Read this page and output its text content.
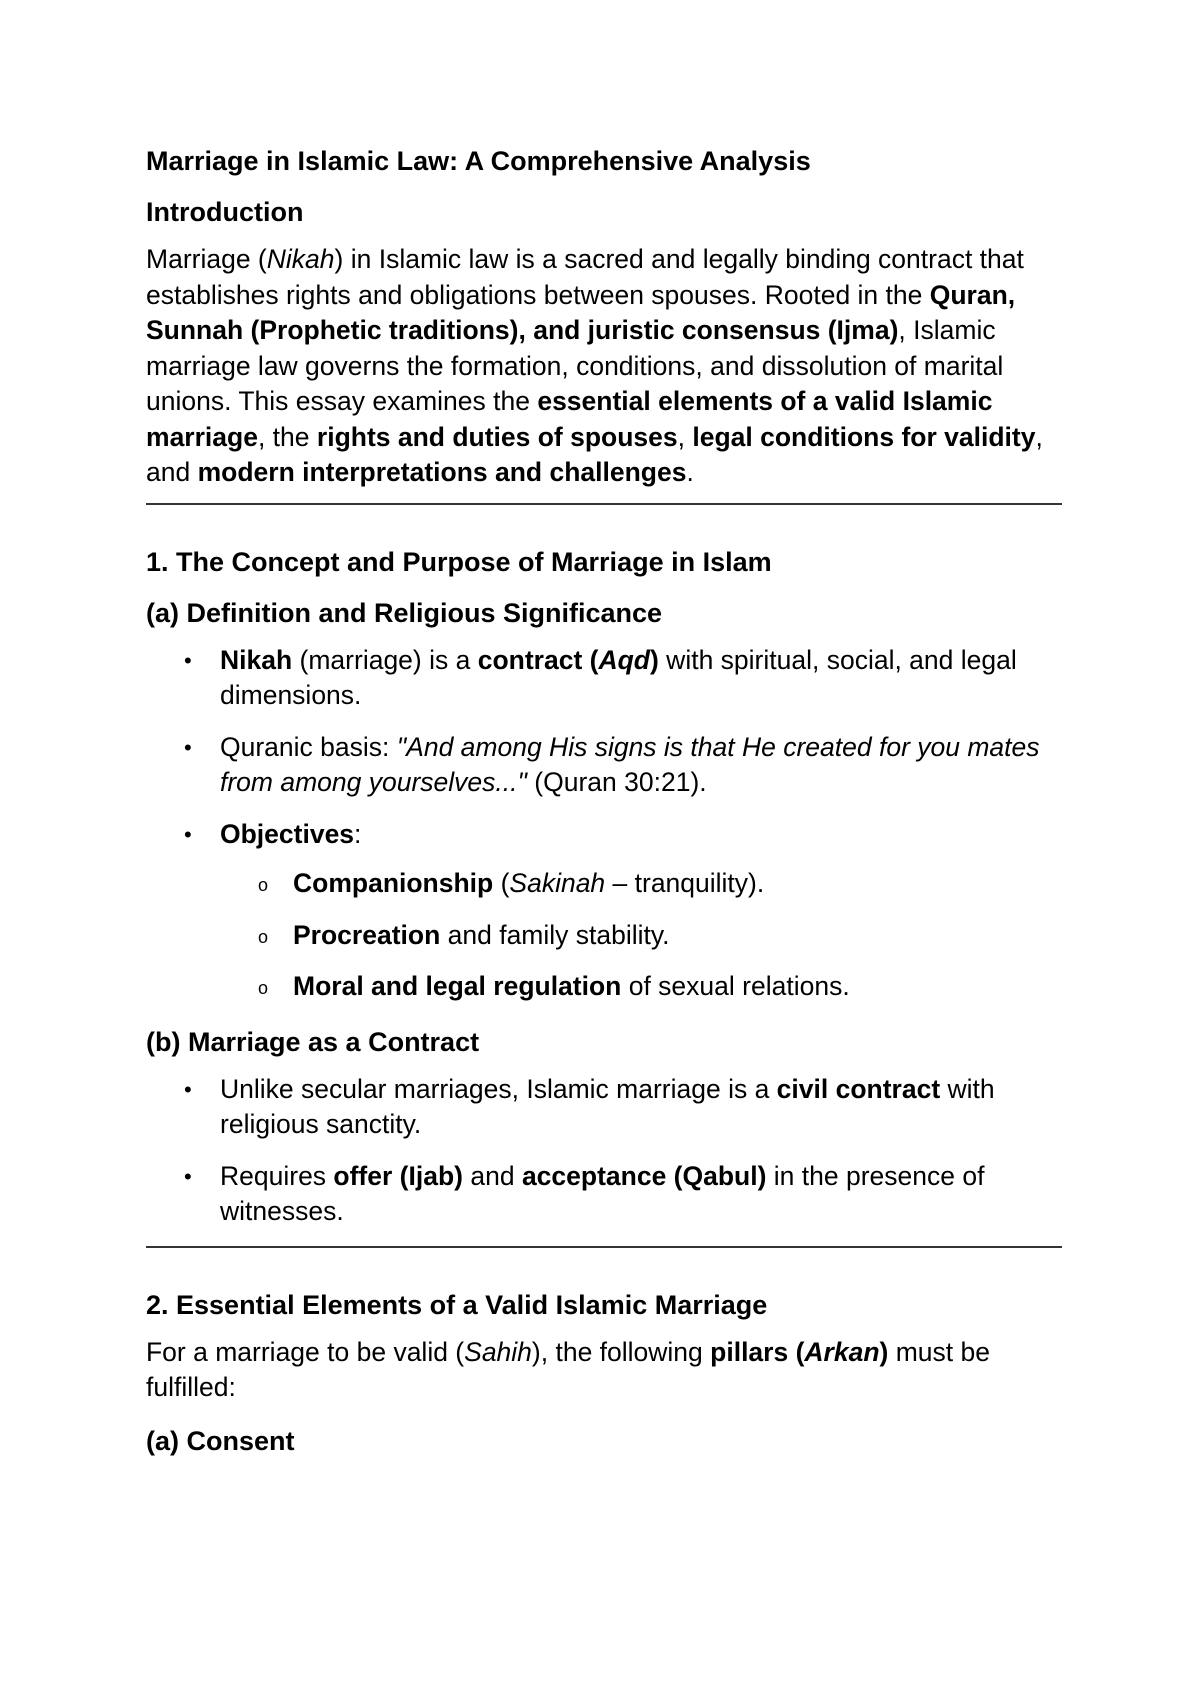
Marriage in Islamic Law: A Comprehensive Analysis
Introduction

Marriage (Nikah) in Islamic law is a sacred and legally binding contract that establishes rights and obligations between spouses. Rooted in the Quran, Sunnah (Prophetic traditions), and juristic consensus (Ijma), Islamic marriage law governs the formation, conditions, and dissolution of marital unions. This essay examines the essential elements of a valid Islamic marriage, the rights and duties of spouses, legal conditions for validity, and modern interpretations and challenges.

1. The Concept and Purpose of Marriage in Islam
(a) Definition and Religious Significance
• Nikah (marriage) is a contract (Aqd) with spiritual, social, and legal dimensions.
• Quranic basis: "And among His signs is that He created for you mates from among yourselves..." (Quran 30:21).
• Objectives:
o Companionship (Sakinah – tranquility).
o Procreation and family stability.
o Moral and legal regulation of sexual relations.
(b) Marriage as a Contract
• Unlike secular marriages, Islamic marriage is a civil contract with religious sanctity.
• Requires offer (Ijab) and acceptance (Qabul) in the presence of witnesses.
2. Essential Elements of a Valid Islamic Marriage

For a marriage to be valid (Sahih), the following pillars (Arkan) must be fulfilled:

(a) Consent
